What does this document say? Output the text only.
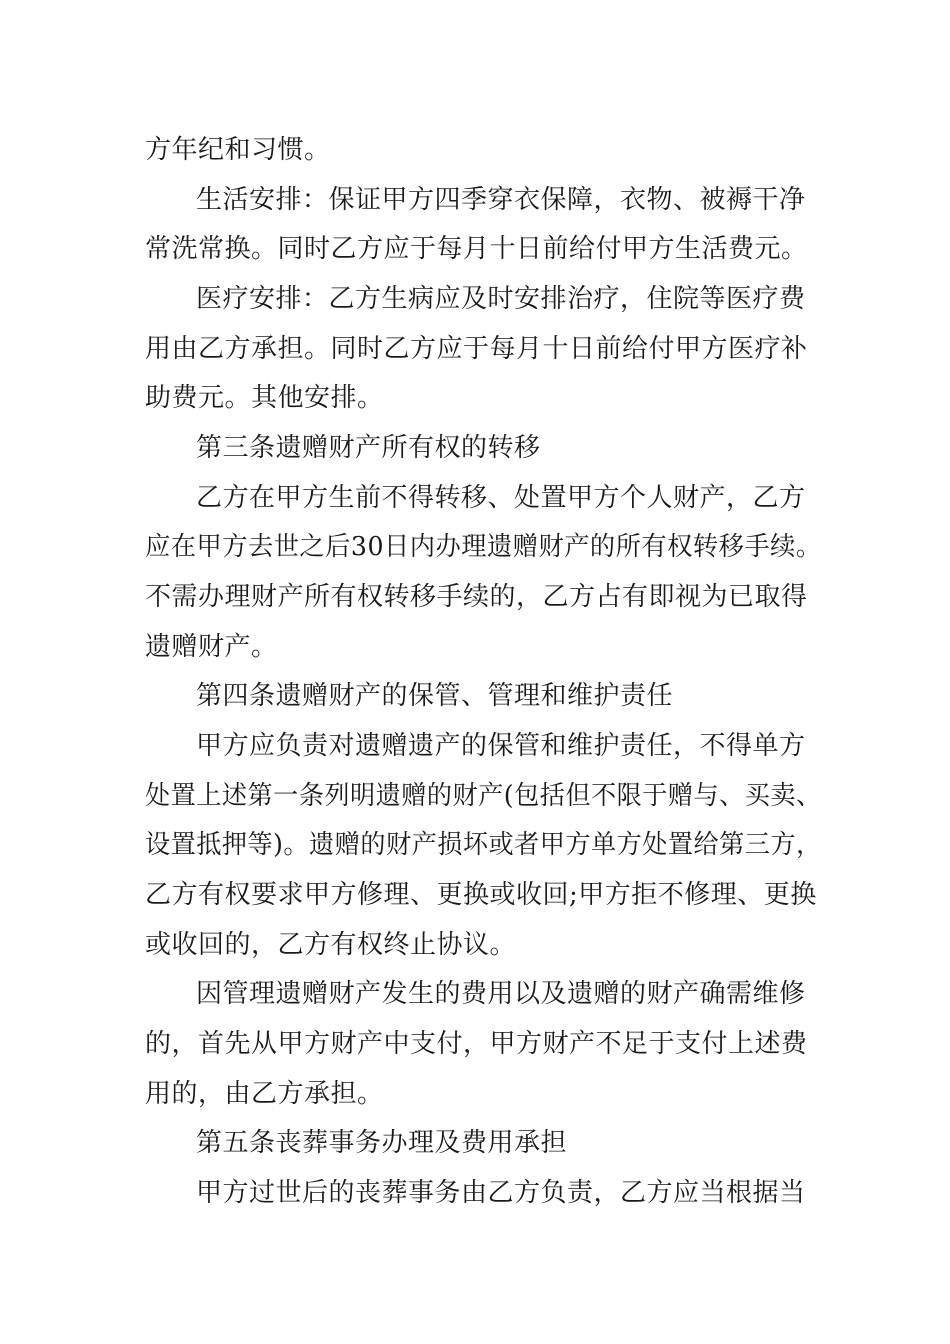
方年纪和习惯。
生活安排：保证甲方四季穿衣保障，衣物、被褥干净
常洗常换。同时乙方应于每月十日前给付甲方生活费元。
医疗安排：乙方生病应及时安排治疗，住院等医疗费
用由乙方承担。同时乙方应于每月十日前给付甲方医疗补
助费元。其他安排。
第三条遗赠财产所有权的转移
乙方在甲方生前不得转移、处置甲方个人财产，乙方
应在甲方去世之后30日内办理遗赠财产的所有权转移手续。
不需办理财产所有权转移手续的，乙方占有即视为已取得
遗赠财产。
第四条遗赠财产的保管、管理和维护责任
甲方应负责对遗赠遗产的保管和维护责任，不得单方
处置上述第一条列明遗赠的财产(包括但不限于赠与、买卖、
设置抵押等)。遗赠的财产损坏或者甲方单方处置给第三方，
乙方有权要求甲方修理、更换或收回;甲方拒不修理、更换
或收回的，乙方有权终止协议。
因管理遗赠财产发生的费用以及遗赠的财产确需维修
的，首先从甲方财产中支付，甲方财产不足于支付上述费
用的，由乙方承担。
第五条丧葬事务办理及费用承担
甲方过世后的丧葬事务由乙方负责，乙方应当根据当
